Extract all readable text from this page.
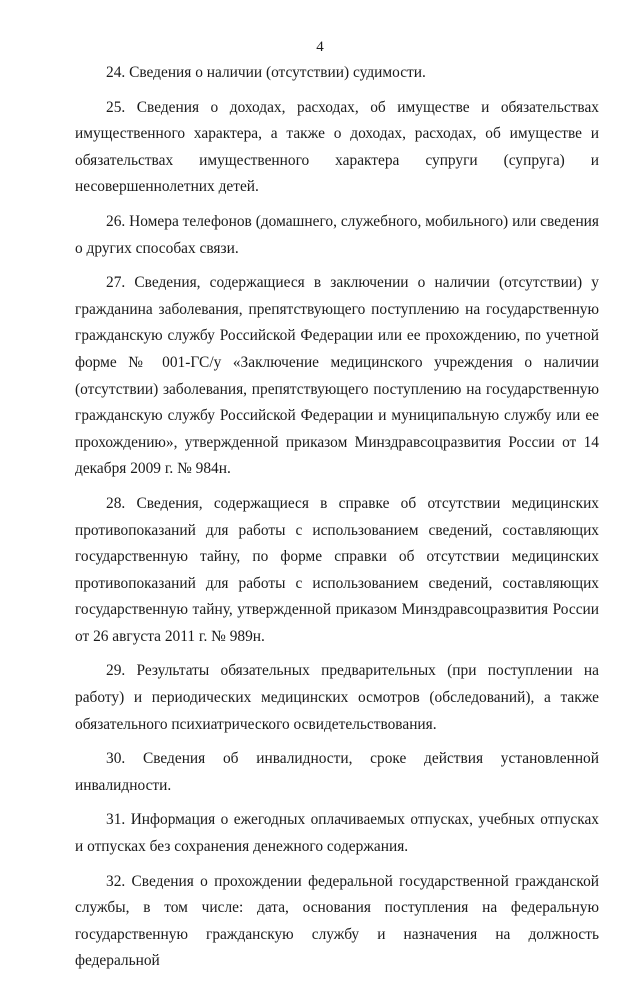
4

24. Сведения о наличии (отсутствии) судимости.

25. Сведения о доходах, расходах, об имуществе и обязательствах имущественного характера, а также о доходах, расходах, об имуществе и обязательствах имущественного характера супруги (супруга) и несовершеннолетних детей.

26. Номера телефонов (домашнего, служебного, мобильного) или сведения о других способах связи.

27. Сведения, содержащиеся в заключении о наличии (отсутствии) у гражданина заболевания, препятствующего поступлению на государственную гражданскую службу Российской Федерации или ее прохождению, по учетной форме № 001-ГС/у «Заключение медицинского учреждения о наличии (отсутствии) заболевания, препятствующего поступлению на государственную гражданскую службу Российской Федерации и муниципальную службу или ее прохождению», утвержденной приказом Минздравсоцразвития России от 14 декабря 2009 г. № 984н.

28. Сведения, содержащиеся в справке об отсутствии медицинских противопоказаний для работы с использованием сведений, составляющих государственную тайну, по форме справки об отсутствии медицинских противопоказаний для работы с использованием сведений, составляющих государственную тайну, утвержденной приказом Минздравсоцразвития России от 26 августа 2011 г. № 989н.

29. Результаты обязательных предварительных (при поступлении на работу) и периодических медицинских осмотров (обследований), а также обязательного психиатрического освидетельствования.

30. Сведения об инвалидности, сроке действия установленной инвалидности.

31. Информация о ежегодных оплачиваемых отпусках, учебных отпусках и отпусках без сохранения денежного содержания.

32. Сведения о прохождении федеральной государственной гражданской службы, в том числе: дата, основания поступления на федеральную государственную гражданскую службу и назначения на должность федеральной
